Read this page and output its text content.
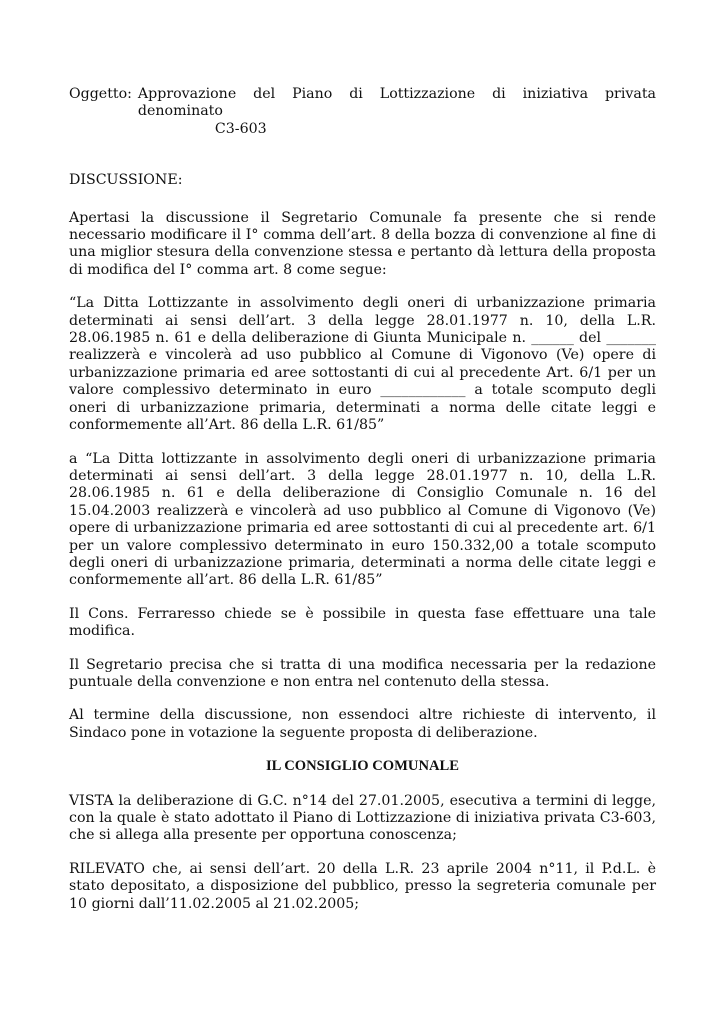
Oggetto: Approvazione del Piano di Lottizzazione di iniziativa privata denominato
C3-603

DISCUSSIONE:

Apertasi la discussione il Segretario Comunale fa presente che si rende necessario modificare il I° comma dell’art. 8 della bozza di convenzione al fine di una miglior stesura della convenzione stessa e pertanto dà lettura della proposta di modifica del I° comma art. 8 come segue:

“La Ditta Lottizzante in assolvimento degli oneri di urbanizzazione primaria determinati ai sensi dell’art. 3 della legge 28.01.1977 n. 10, della L.R. 28.06.1985 n. 61 e della deliberazione di Giunta Municipale n. ______ del _______ realizzerà e vincolerà ad uso pubblico al Comune di Vigonovo (Ve) opere di urbanizzazione primaria ed aree sottostanti di cui al precedente Art. 6/1 per un valore complessivo determinato in euro ____________ a totale scomputo degli oneri di urbanizzazione primaria, determinati a norma delle citate leggi e conformemente all’Art. 86 della L.R. 61/85”

a “La Ditta lottizzante in assolvimento degli oneri di urbanizzazione primaria determinati ai sensi dell’art. 3 della legge 28.01.1977 n. 10, della L.R. 28.06.1985 n. 61 e della deliberazione di Consiglio Comunale n. 16 del 15.04.2003 realizzerà e vincolerà ad uso pubblico al Comune di Vigonovo (Ve) opere di urbanizzazione primaria ed aree sottostanti di cui al precedente art. 6/1 per un valore complessivo determinato in euro 150.332,00 a totale scomputo degli oneri di urbanizzazione primaria, determinati a norma delle citate leggi e conformemente all’art. 86 della L.R. 61/85”

Il Cons. Ferraresso chiede se è possibile in questa fase effettuare una tale modifica.

Il Segretario precisa che si tratta di una modifica necessaria per la redazione puntuale della convenzione e non entra nel contenuto della stessa.

Al termine della discussione, non essendoci altre richieste di intervento, il Sindaco pone in votazione la seguente proposta di deliberazione.

IL CONSIGLIO COMUNALE

VISTA la deliberazione di G.C. n°14 del 27.01.2005, esecutiva a termini di legge, con la quale è stato adottato il Piano di Lottizzazione di iniziativa privata C3-603, che si allega alla presente per opportuna conoscenza;

RILEVATO che, ai sensi dell’art. 20 della L.R. 23 aprile 2004 n°11, il P.d.L. è stato depositato, a disposizione del pubblico, presso la segreteria comunale per 10 giorni dall’11.02.2005 al 21.02.2005;
